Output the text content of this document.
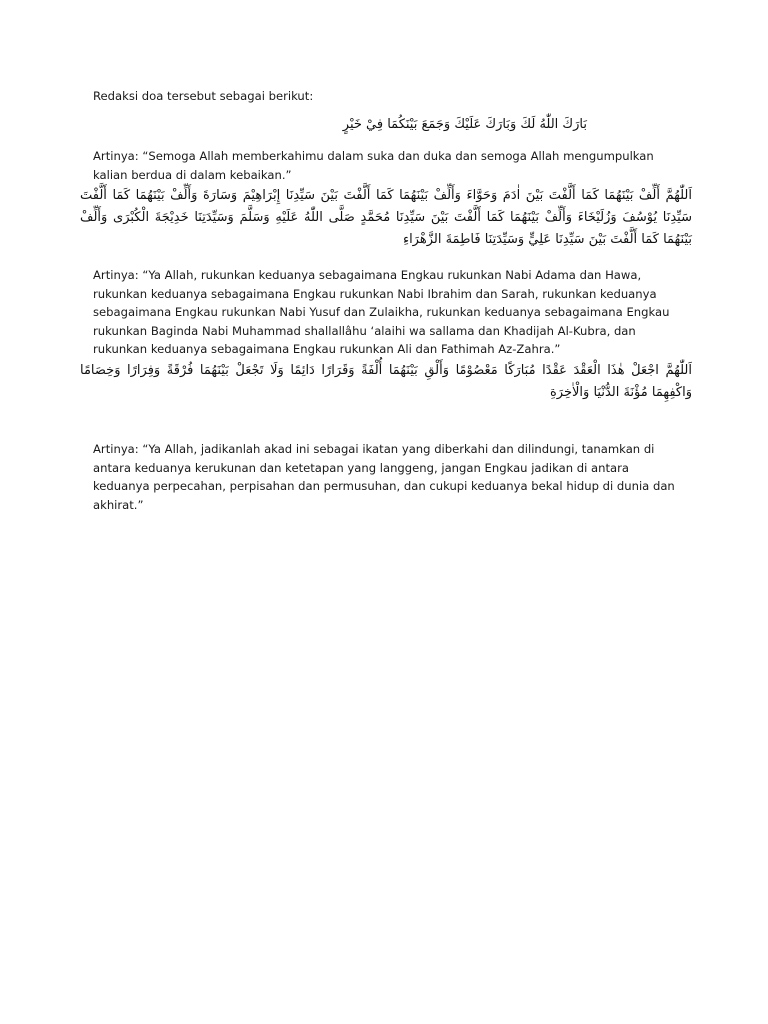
Redaksi doa tersebut sebagai berikut:

بَارَكَ اللّٰهُ لَكَ وَبَارَكَ عَلَيْكَ وَجَمَعَ بَيْنَكُمَا فِيْ خَيْرٍ

Artinya: “Semoga Allah memberkahimu dalam suka dan duka dan semoga Allah mengumpulkan kalian berdua di dalam kebaikan.”

اَللّٰهُمَّ أَلِّفْ بَيْنَهُمَا كَمَا أَلَّفْتَ بَيْنَ اٰدَمَ وَحَوَّاءَ وَأَلِّفْ بَيْنَهُمَا كَمَا أَلَّفْتَ بَيْنَ سَيِّدِنَا إِبْرَاهِيْمَ وَسَارَةَ وَأَلِّفْ بَيْنَهُمَا كَمَا أَلَّفْتَ سَيِّدِنَا يُوْسُفَ وَزُلَيْخَاءَ وَأَلِّفْ بَيْنَهُمَا كَمَا أَلَّفْتَ بَيْنَ سَيِّدِنَا مُحَمَّدٍ صَلَّى اللّٰهُ عَلَيْهِ وَسَلَّمَ وَسَيِّدَتِنَا خَدِيْجَةَ الْكُبْرَى وَأَلِّفْ بَيْنَهُمَا كَمَا أَلَّفْتَ بَيْنَ سَيِّدِنَا عَلِيٍّ وَسَيِّدَتِنَا فَاطِمَةَ الزَّهْرَاءِ

Artinya: “Ya Allah, rukunkan keduanya sebagaimana Engkau rukunkan Nabi Adama dan Hawa, rukunkan keduanya sebagaimana Engkau rukunkan Nabi Ibrahim dan Sarah, rukunkan keduanya sebagaimana Engkau rukunkan Nabi Yusuf dan Zulaikha, rukunkan keduanya sebagaimana Engkau rukunkan Baginda Nabi Muhammad shallallâhu ‘alaihi wa sallama dan Khadijah Al-Kubra, dan rukunkan keduanya sebagaimana Engkau rukunkan Ali dan Fathimah Az-Zahra.”

اَللّٰهُمَّ اجْعَلْ هٰذَا الْعَقْدَ عَقْدًا مُبَارَكًا مَعْصُوْمًا وَأَلْقِ بَيْنَهُمَا أُلْفَةً وَقَرَارًا دَائِمًا وَلَا تَجْعَلْ بَيْنَهُمَا فُرْقَةً وَفِرَارًا وَخِصَامًا وَاكْفِهِمَا مُؤْنَةَ الدُّنْيَا وَالْاٰخِرَةِ

Artinya: “Ya Allah, jadikanlah akad ini sebagai ikatan yang diberkahi dan dilindungi, tanamkan di antara keduanya kerukunan dan ketetapan yang langgeng, jangan Engkau jadikan di antara keduanya perpecahan, perpisahan dan permusuhan, dan cukupi keduanya bekal hidup di dunia dan akhirat.”
